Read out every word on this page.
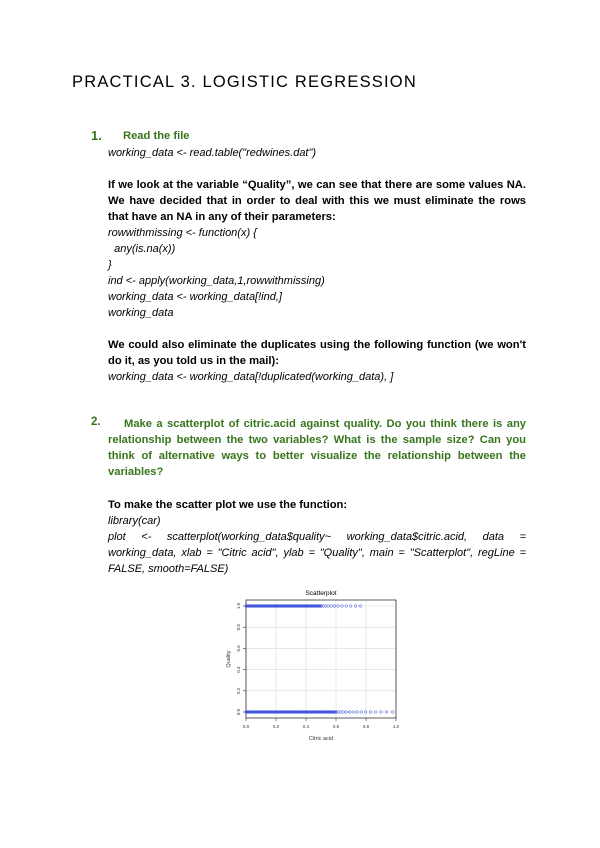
PRACTICAL 3. LOGISTIC REGRESSION
1. Read the file
working_data <- read.table("redwines.dat")
If we look at the variable “Quality”, we can see that there are some values NA. We have decided that in order to deal with this we must eliminate the rows that have an NA in any of their parameters:
rowwithmissing <- function(x) {
any(is.na(x))
}
ind <- apply(working_data,1,rowwithmissing)
working_data <- working_data[!ind,]
working_data
We could also eliminate the duplicates using the following function (we won't do it, as you told us in the mail):
working_data <- working_data[!duplicated(working_data), ]
2.	Make a scatterplot of citric.acid against quality. Do you think there is any relationship between the two variables? What is the sample size? Can you think of alternative ways to better visualize the relationship between the variables?
To make the scatter plot we use the function:
library(car)
plot <- scatterplot(working_data$quality~ working_data$citric.acid, data = working_data, xlab = "Citric acid", ylab = "Quality", main = "Scatterplot", regLine = FALSE, smooth=FALSE)
Scatterplot
0.0	0.2	0.4	0.6	0.8	1.0
0.0
0.2
0.4
0.6
0.8
1.0
Citric acid
Quality
